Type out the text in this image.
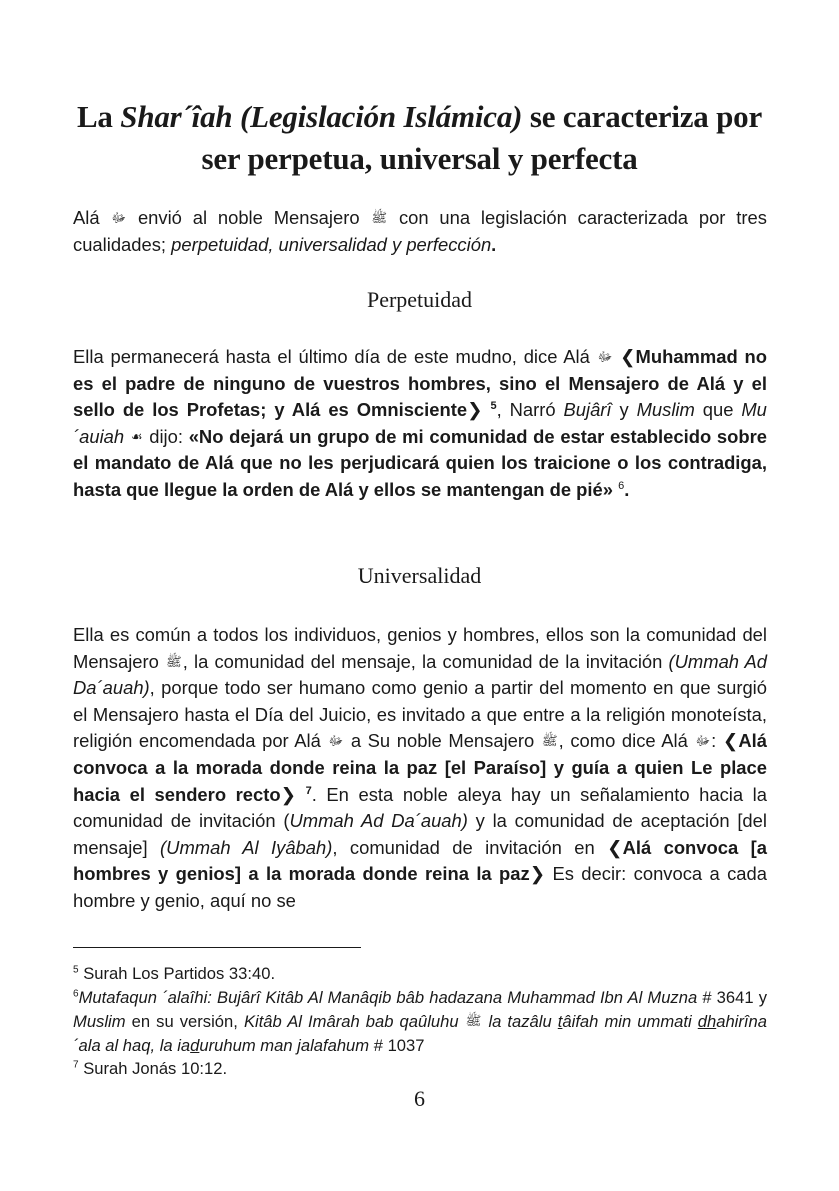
La Shar´îah (Legislación Islámica) se caracteriza por ser perpetua, universal y perfecta
Alá ﷻ envió al noble Mensajero ﷺ con una legislación caracterizada por tres cualidades; perpetuidad, universalidad y perfección.
Perpetuidad
Ella permanecerá hasta el último día de este mudno, dice Alá ﷻ ❮Muhammad no es el padre de ninguno de vuestros hombres, sino el Mensajero de Alá y el sello de los Profetas; y Alá es Omnisciente❯ $^5$, Narró Bujârî y Muslim que Mu´auiah ☙ dijo: «No dejará un grupo de mi comunidad de estar establecido sobre el mandato de Alá que no les perjudicará quien los traicione o los contradiga, hasta que llegue la orden de Alá y ellos se mantengan de pié» $^6$.
Universalidad
Ella es común a todos los individuos, genios y hombres, ellos son la comunidad del Mensajero ﷺ, la comunidad del mensaje, la comunidad de la invitación (Ummah Ad Da´auah), porque todo ser humano como genio a partir del momento en que surgió el Mensajero hasta el Día del Juicio, es invitado a que entre a la religión monoteísta, religión encomendada por Alá ﷻ a Su noble Mensajero ﷺ, como dice Alá ﷻ: ❮Alá convoca a la morada donde reina la paz [el Paraíso] y guía a quien Le place hacia el sendero recto❯ $^7$. En esta noble aleya hay un señalamiento hacia la comunidad de invitación (Ummah Ad Da´auah) y la comunidad de aceptación [del mensaje] (Ummah Al Iyâbah), comunidad de invitación en ❮Alá convoca [a hombres y genios] a la morada donde reina la paz❯ Es decir: convoca a cada hombre y genio, aquí no se

$^5$ Surah Los Partidos 33:40.

$^6$Mutafaqun ´alaîhi: Bujârî Kitâb Al Manâqib bâb hadazana Muhammad Ibn Al Muzna # 3641 y Muslim en su versión, Kitâb Al Imârah bab qaûluhu ﷺ la tazâlu tâifah min ummati dhahirîna ´ala al haq, la iaduruhum man jalafahum # 1037

$^7$ Surah Jonás 10:12.

6
